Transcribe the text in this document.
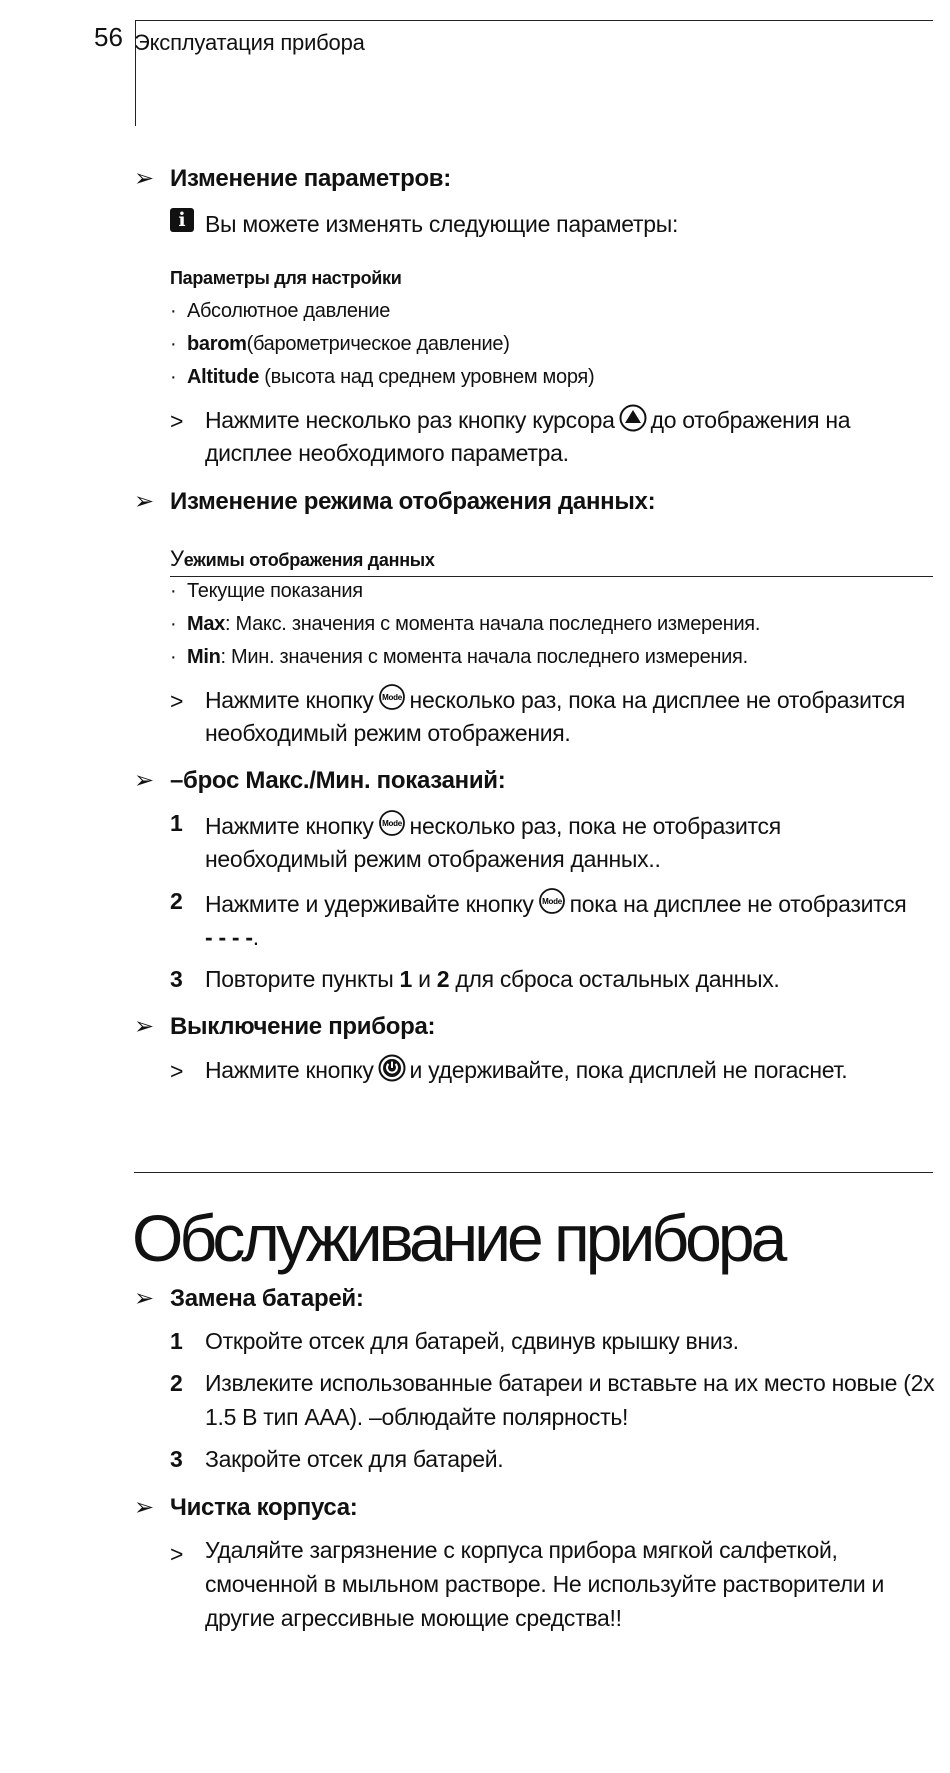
56 Эксплуатация прибора
➢ Изменение параметров:
i Вы можете изменять следующие параметры:
Параметры для настройки
· Абсолютное давление
· barom(барометрическое давление)
· Altitude (высота над среднем уровнем моря)
> Нажмите несколько раз кнопку курсора до отображения на
дисплее необходимого параметра.
➢ Изменение режима отображения данных:
Уежимы отображения данных
· Текущие показания
· Max: Макс. значения с момента начала последнего измерения.
· Min: Мин. значения с момента начала последнего измерения.
> Нажмите кнопку Mode несколько раз, пока на дисплее не отобразится
необходимый режим отображения.
➢ –брос Макс./Мин. показаний:
1 Нажмите кнопку Mode несколько раз, пока не отобразится
необходимый режим отображения данных..
2 Нажмите и удерживайте кнопку Mode пока на дисплее не отобразится
- - - -.
3 Повторите пункты 1 и 2 для сброса остальных данных.
➢ Выключение прибора:
> Нажмите кнопку и удерживайте, пока дисплей не погаснет.
Обслуживание прибора
➢ Замена батарей:
1 Откройте отсек для батарей, сдвинув крышку вниз.
2 Извлеките использованные батареи и вставьте на их место новые (2х
1.5 В тип ААА). –облюдайте полярность!
3 Закройте отсек для батарей.
➢ Чистка корпуса:
> Удаляйте загрязнение с корпуса прибора мягкой салфеткой,
смоченной в мыльном растворе. Не используйте растворители и
другие агрессивные моющие средства!!
